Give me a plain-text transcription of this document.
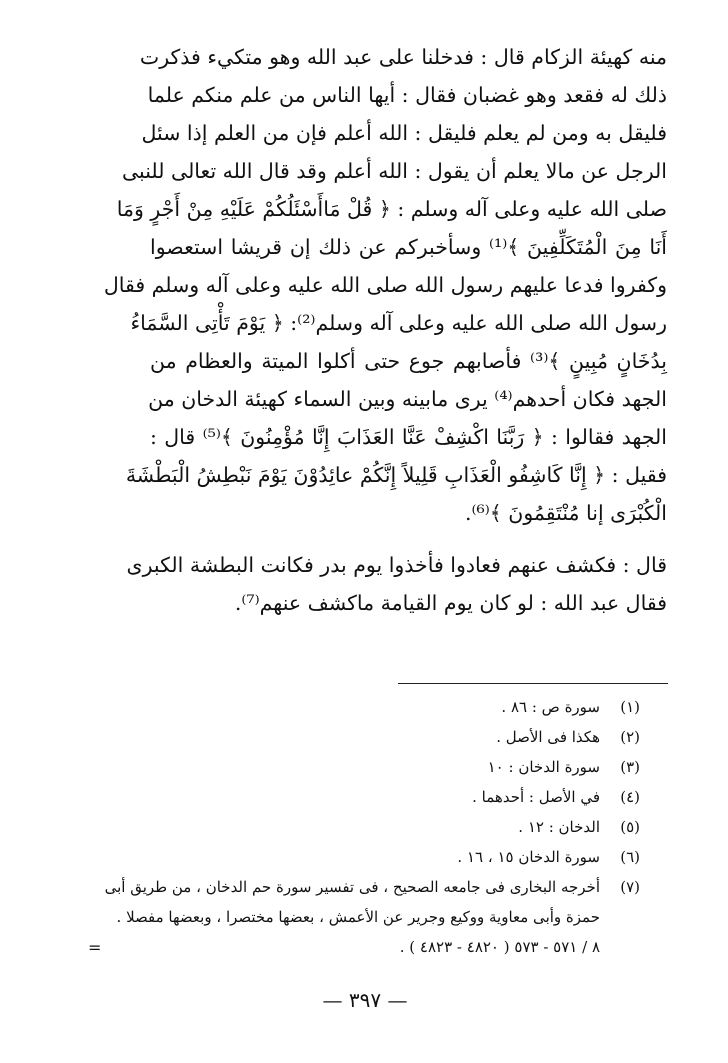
منه كهيئة الزكام قال : فدخلنا على عبد الله وهو متكيء فذكرت
ذلك له فقعد وهو غضبان فقال : أيها الناس من علم منكم علما
فليقل به ومن لم يعلم فليقل : الله أعلم فإن من العلم إذا سئل
الرجل عن مالا يعلم أن يقول : الله أعلم وقد قال الله تعالى للنبى
صلى الله عليه وعلى آله وسلم : ﴿ قُلْ مَاأَسْئَلُكُمْ عَلَيْهِ مِنْ أَجْرٍ وَمَا
أَنَا مِنَ الْمُتَكَلِّفِينَ ﴾⁽¹⁾ وسأخبركم عن ذلك إن قريشا استعصوا
وكفروا فدعا عليهم رسول الله صلى الله عليه وعلى آله وسلم فقال
رسول الله صلى الله عليه وعلى آله وسلم⁽²⁾: ﴿ يَوْمَ تَأْتِى السَّمَاءُ
بِدُخَانٍ مُبِينٍ ﴾⁽³⁾ فأصابهم جوع حتى أكلوا الميتة والعظام من
الجهد فكان أحدهم⁽⁴⁾ يرى مابينه وبين السماء كهيئة الدخان من
الجهد فقالوا : ﴿ رَبَّنَا اكْشِفْ عَنَّا العَذَابَ إِنَّا مُؤْمِنُونَ ﴾⁽⁵⁾ قال :
فقيل : ﴿ إِنَّا كَاشِفُو الْعَذَابِ قَلِيلاً إِنَّكُمْ عائِدُوْنَ يَوْمَ نَبْطِشُ الْبَطْشَةَ
الْكُبْرَى إنا مُنْتَقِمُونَ ﴾⁽⁶⁾.
قال : فكشف عنهم فعادوا فأخذوا يوم بدر فكانت البطشة الكبرى
فقال عبد الله : لو كان يوم القيامة ماكشف عنهم⁽⁷⁾.
(١)
سورة ص : ٨٦ .
(٢)
هكذا فى الأصل .
(٣)
سورة الدخان : ١٠
(٤)
في الأصل : أحدهما .
(٥)
الدخان : ١٢ .
(٦)
سورة الدخان ١٥ ، ١٦ .
(٧)
أخرجه البخارى فى جامعه الصحيح ، فى تفسير سورة حم الدخان ، من طريق أبى
حمزة وأبى معاوية ووكيع وجرير عن الأعمش ، بعضها مختصرا ، وبعضها مفصلا .
٨ / ٥٧١ - ٥٧٣ ( ٤٨٢٠ - ٤٨٢٣ ) .
=
— ٣٩٧ —
